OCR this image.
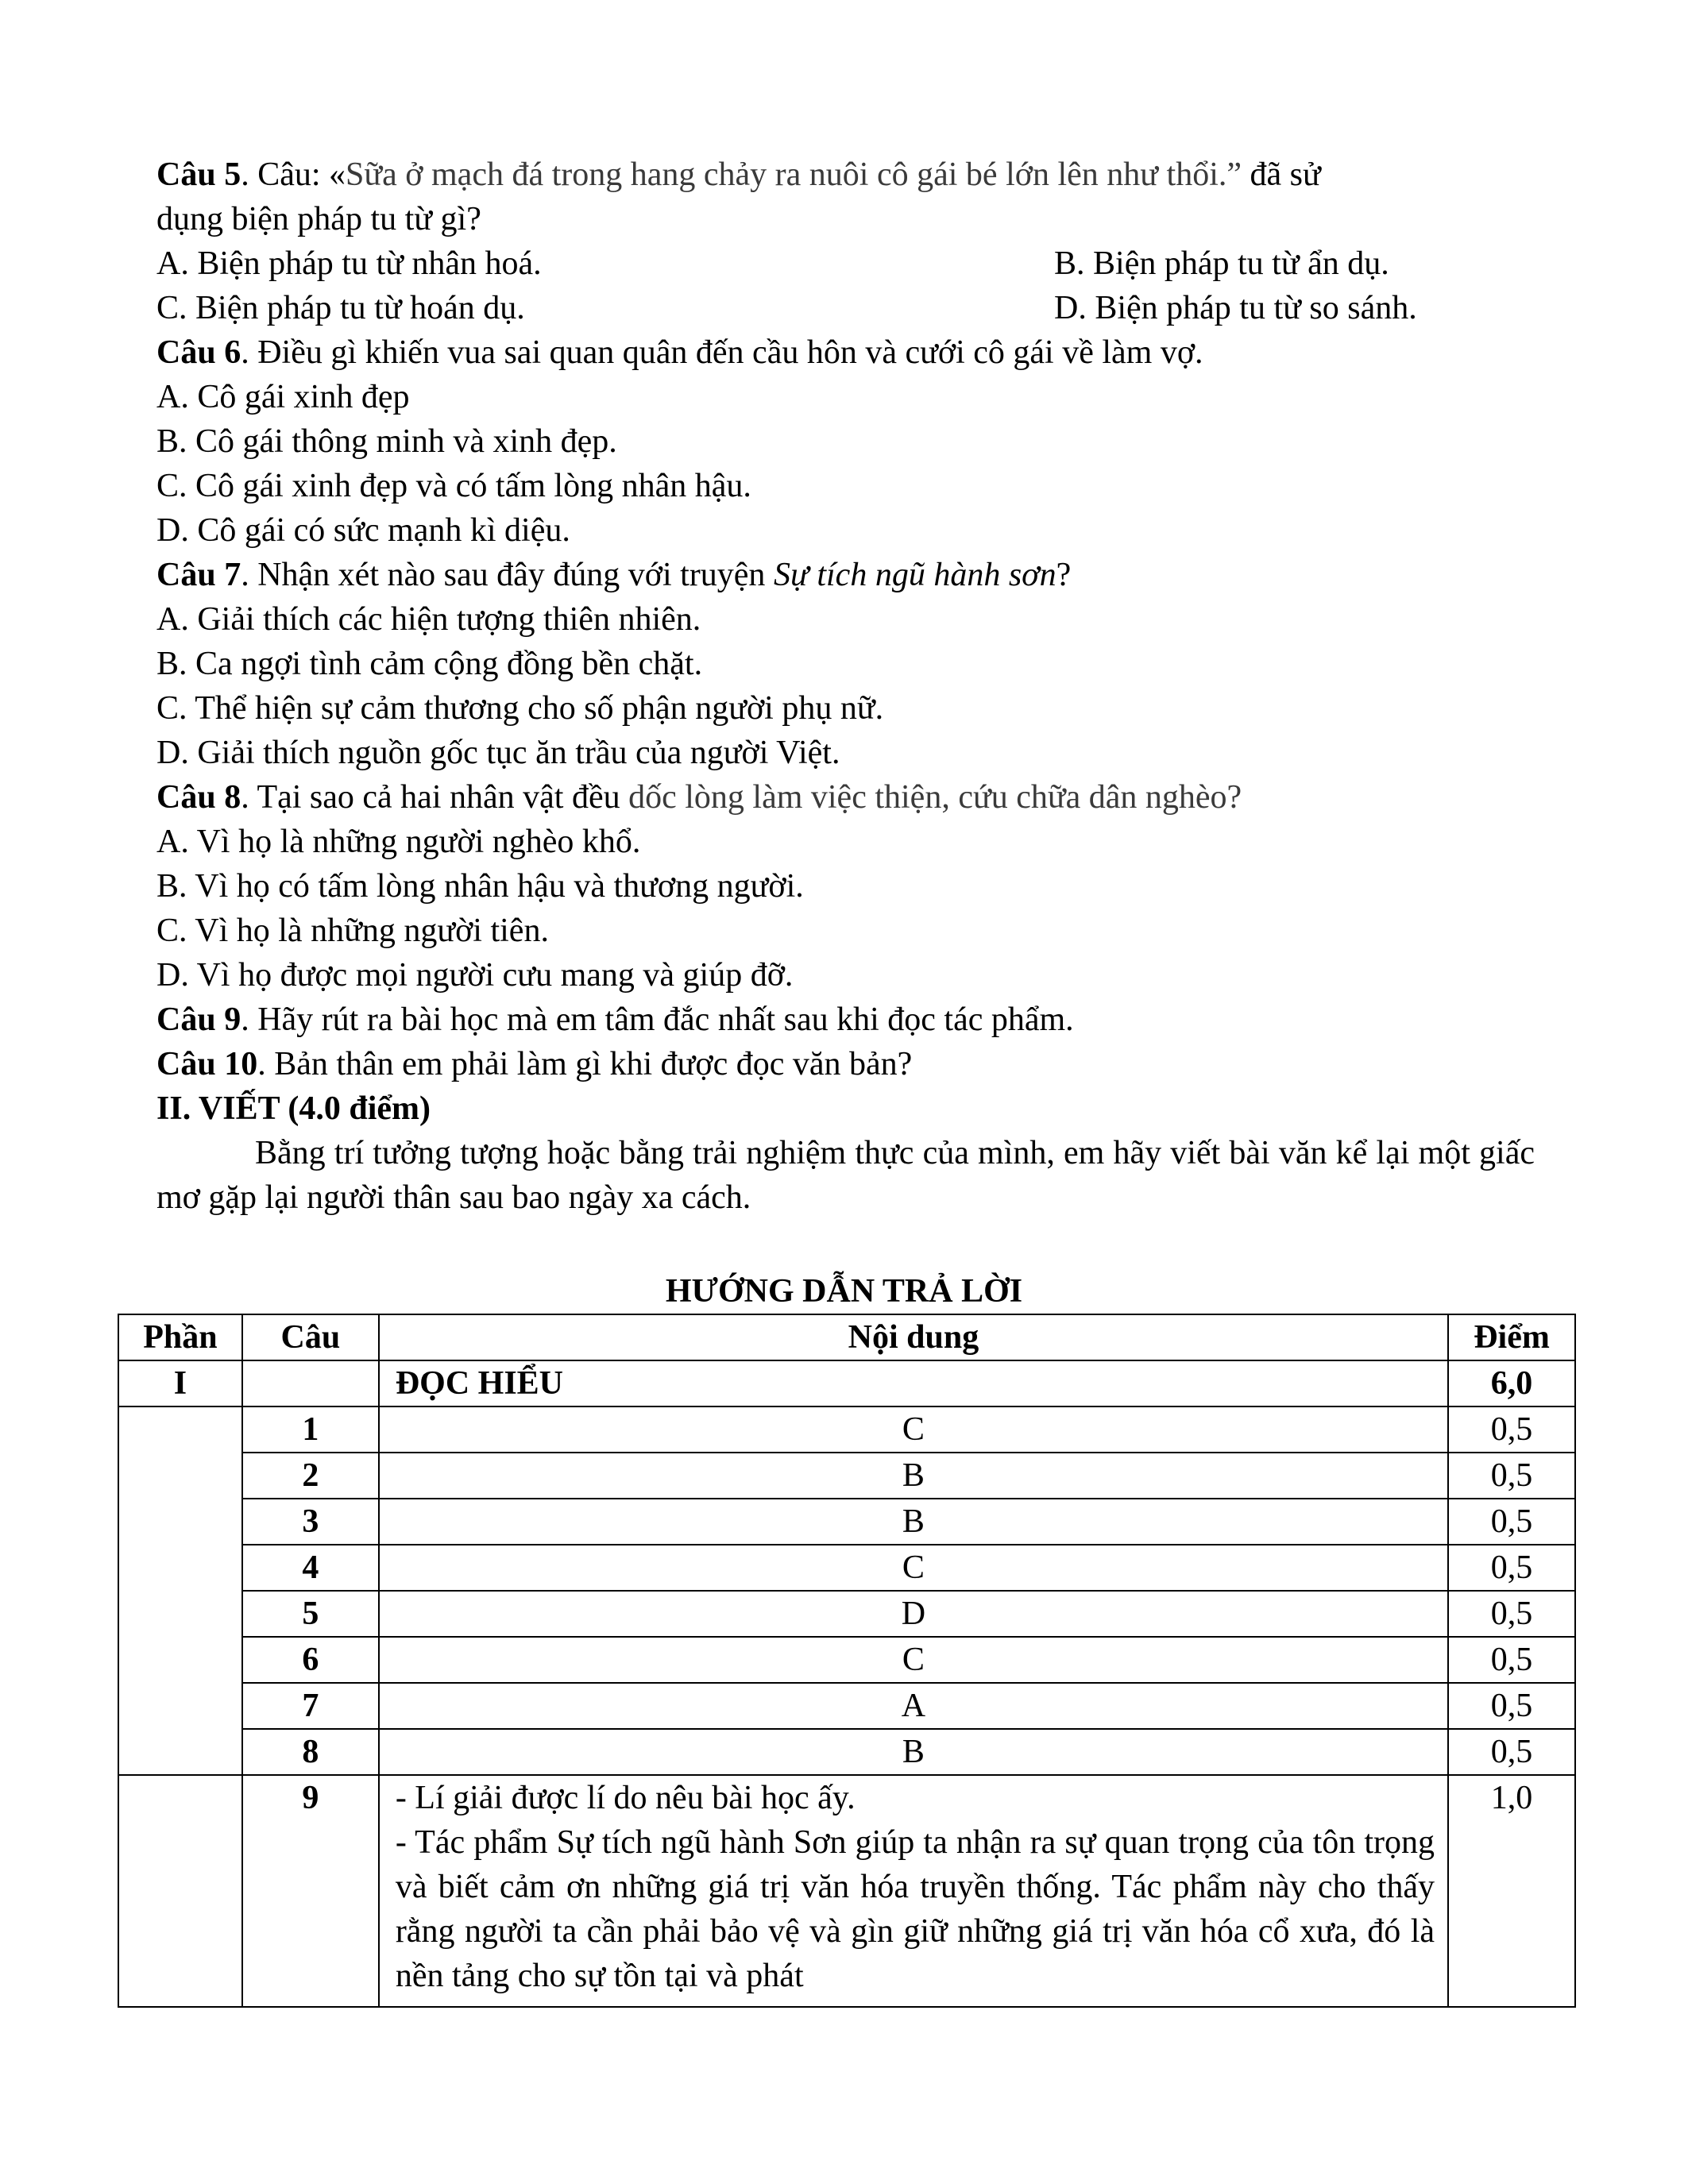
Câu 5. Câu: «Sữa ở mạch đá trong hang chảy ra nuôi cô gái bé lớn lên như thổi.” đã sử
dụng biện pháp tu từ gì?
A. Biện pháp tu từ nhân hoá.	B. Biện pháp tu từ ẩn dụ.
C. Biện pháp tu từ hoán dụ.	D. Biện pháp tu từ so sánh.
Câu 6. Điều gì khiến vua sai quan quân đến cầu hôn và cưới cô gái về làm vợ.
A. Cô gái xinh đẹp
B. Cô gái thông minh và xinh đẹp.
C. Cô gái xinh đẹp và có tấm lòng nhân hậu.
D. Cô gái có sức mạnh kì diệu.
Câu 7. Nhận xét nào sau đây đúng với truyện Sự tích ngũ hành sơn?
A. Giải thích các hiện tượng thiên nhiên.
B. Ca ngợi tình cảm cộng đồng bền chặt.
C. Thể hiện sự cảm thương cho số phận người phụ nữ.
D. Giải thích nguồn gốc tục ăn trầu của người Việt.
Câu 8. Tại sao cả hai nhân vật đều dốc lòng làm việc thiện, cứu chữa dân nghèo?
A. Vì họ là những người nghèo khổ.
B. Vì họ có tấm lòng nhân hậu và thương người.
C. Vì họ là những người tiên.
D. Vì họ được mọi người cưu mang và giúp đỡ.
Câu 9. Hãy rút ra bài học mà em tâm đắc nhất sau khi đọc tác phẩm.
Câu 10. Bản thân em phải làm gì khi được đọc văn bản?
II. VIẾT (4.0 điểm)
Bằng trí tưởng tượng hoặc bằng trải nghiệm thực của mình, em hãy viết bài văn kể lại một giấc mơ gặp lại người thân sau bao ngày xa cách.
HƯỚNG DẪN TRẢ LỜI
Phần	Câu	Nội dung	Điểm
I		ĐỌC HIỂU	6,0
	1	C	0,5
	2	B	0,5
	3	B	0,5
	4	C	0,5
	5	D	0,5
	6	C	0,5
	7	A	0,5
	8	B	0,5
	9	- Lí giải được lí do nêu bài học ấy.
- Tác phẩm Sự tích ngũ hành Sơn giúp ta nhận ra sự quan trọng của tôn trọng và biết cảm ơn những giá trị văn hóa truyền thống. Tác phẩm này cho thấy rằng người ta cần phải bảo vệ và gìn giữ những giá trị văn hóa cổ xưa, đó là nền tảng cho sự tồn tại và phát	1,0
